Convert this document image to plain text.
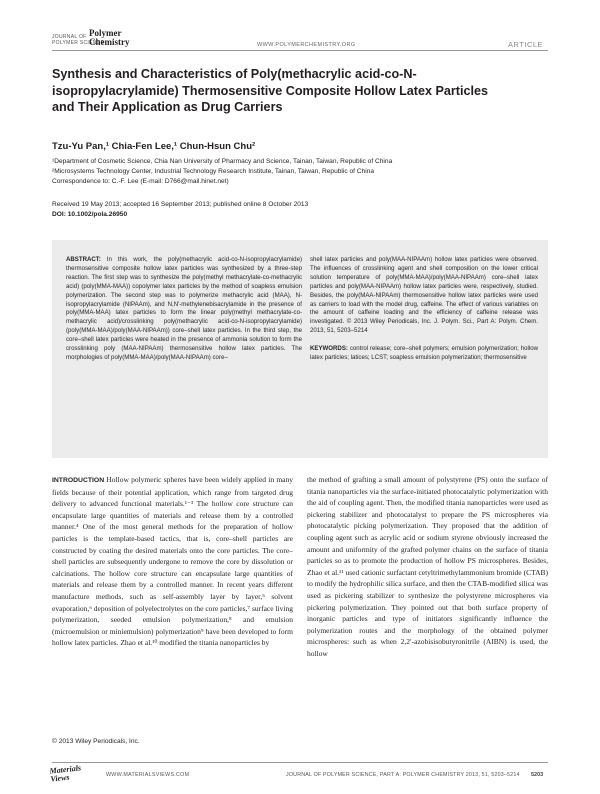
JOURNAL OF
POLYMER SCIENCE
Polymer
Chemistry	WWW.POLYMERCHEMISTRY.ORG	ARTICLE
Synthesis and Characteristics of Poly(methacrylic acid-co-N-isopropylacrylamide) Thermosensitive Composite Hollow Latex Particles and Their Application as Drug Carriers
Tzu-Yu Pan,¹ Chia-Fen Lee,¹ Chun-Hsun Chu²
¹Department of Cosmetic Science, Chia Nan University of Pharmacy and Science, Tainan, Taiwan, Republic of China
²Microsystems Technology Center, Industrial Technology Research Institute, Tainan, Taiwan, Republic of China
Correspondence to: C.-F. Lee (E-mail: D766@mail.hinet.net)
Received 19 May 2013; accepted 16 September 2013; published online 8 October 2013
DOI: 10.1002/pola.26950
ABSTRACT: In this work, the poly(methacrylic acid-co-N-isopropylacrylamide) thermosensitive composite hollow latex particles was synthesized by a three-step reaction. The first step was to synthesize the poly(methyl methacrylate-co-methacrylic acid) (poly(MMA-MAA)) copolymer latex particles by the method of soapless emulsion polymerization. The second step was to polymerize methacrylic acid (MAA), N-isopropylacrylamide (NIPAAm), and N,N′-methylenebisacrylamide in the presence of poly(MMA-MAA) latex particles to form the linear poly(methyl methacrylate-co-methacrylic acid)/crosslinking poly(methacrylic acid-co-N-isopropylacrylamide) (poly(MMA-MAA)/poly(MAA-NIPAAm)) core–shell latex particles. In the third step, the core–shell latex particles were heated in the presence of ammonia solution to form the crosslinking poly (MAA-NIPAAm) thermosensitive hollow latex particles. The morphologies of poly(MMA-MAA)/poly(MAA-NIPAAm) core–
shell latex particles and poly(MAA-NIPAAm) hollow latex particles were observed. The influences of crosslinking agent and shell composition on the lower critical solution temperature of poly(MMA-MAA)/poly(MAA-NIPAAm) core–shell latex particles and poly(MAA-NIPAAm) hollow latex particles were, respectively, studied. Besides, the poly(MAA-NIPAAm) thermosensitive hollow latex particles were used as carriers to load with the model drug, caffeine. The effect of various variables on the amount of caffeine loading and the efficiency of caffeine release was investigated. © 2013 Wiley Periodicals, Inc. J. Polym. Sci., Part A: Polym. Chem. 2013, 51, 5203–5214
KEYWORDS: control release; core–shell polymers; emulsion polymerization; hollow latex particles; latices; LCST; soapless emulsion polymerization; thermosensitive
INTRODUCTION Hollow polymeric spheres have been widely applied in many fields because of their potential application, which range from targeted drug delivery to advanced functional materials.¹⁻³ The hollow core structure can encapsulate large quantities of materials and release them by a controlled manner.⁴ One of the most general methods for the preparation of hollow particles is the template-based tactics, that is, core–shell particles are constructed by coating the desired materials onto the core particles. The core–shell particles are subsequently undergone to remove the core by dissolution or calcinations. The hollow core structure can encapsulate large quantities of materials and release them by a controlled manner. In recent years different manufacture methods, such as self-assembly layer by layer,⁵ solvent evaporation,⁶ deposition of polyelectrolytes on the core particles,⁷ surface living polymerization, seeded emulsion polymerization,⁸ and emulsion (microemulsion or miniemulsion) polymerization⁹ have been developed to form hollow latex particles. Zhao et al.¹⁰ modified the titania nanoparticles by
the method of grafting a small amount of polystyrene (PS) onto the surface of titania nanoparticles via the surface-initiated photocatalytic polymerization with the aid of coupling agent. Then, the modified titania nanoparticles were used as pickering stabilizer and photocatalyst to prepare the PS microspheres via photocatalytic picking polymerization. They proposed that the addition of coupling agent such as acrylic acid or sodium styrene obviously increased the amount and uniformity of the grafted polymer chains on the surface of titania particles so as to promote the production of hollow PS microspheres. Besides, Zhao et al.¹¹ used cationic surfactant cetyltrimethylammonium bromide (CTAB) to modify the hydrophilic silica surface, and then the CTAB-modified silica was used as pickering stabilizer to synthesize the polystyrene microspheres via pickering polymerization. They pointed out that both surface property of inorganic particles and type of initiators significantly influence the polymerization routes and the morphology of the obtained polymer microspheres: such as when 2,2′-azobisisobutyronitrile (AIBN) is used, the hollow
© 2013 Wiley Periodicals, Inc.
Materials
Views	WWW.MATERIALSVIEWS.COM	JOURNAL OF POLYMER SCIENCE, PART A: POLYMER CHEMISTRY 2013, 51, 5203–5214 5203
